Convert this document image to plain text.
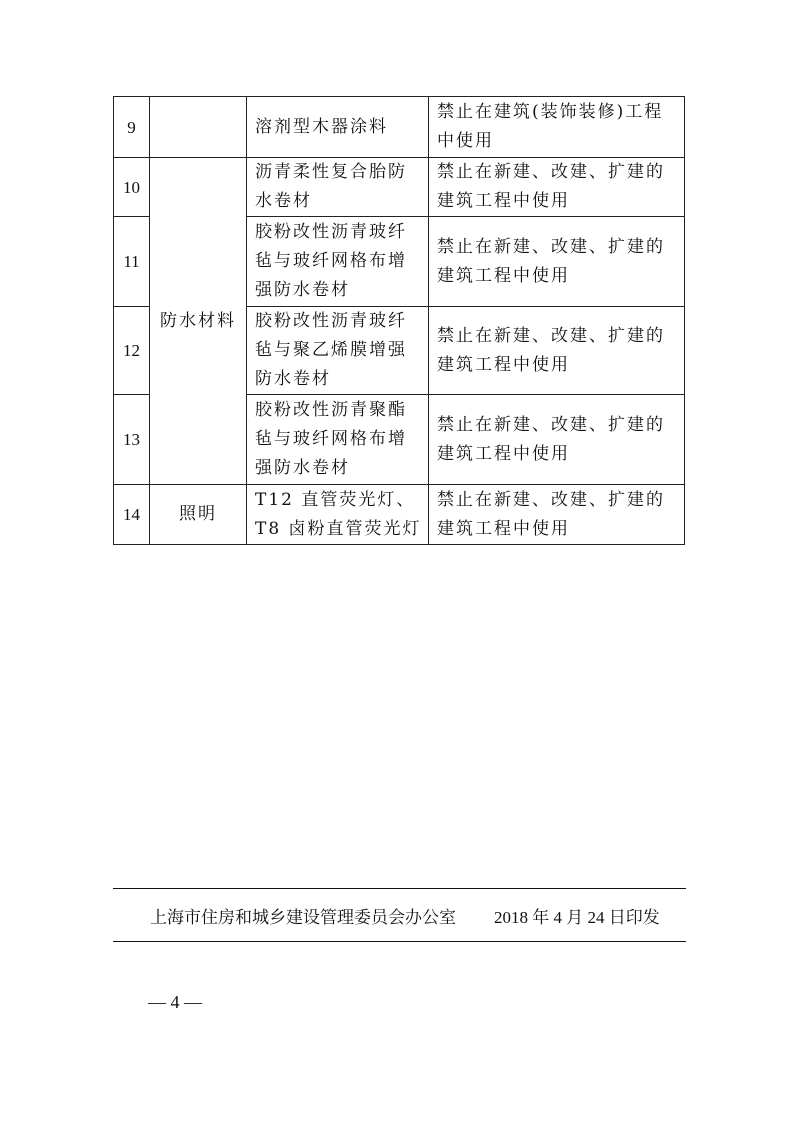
9		溶剂型木器涂料	禁止在建筑(装饰装修)工程中使用
10	防水材料	沥青柔性复合胎防水卷材	禁止在新建、改建、扩建的建筑工程中使用
11		胶粉改性沥青玻纤毡与玻纤网格布增强防水卷材	禁止在新建、改建、扩建的建筑工程中使用
12		胶粉改性沥青玻纤毡与聚乙烯膜增强防水卷材	禁止在新建、改建、扩建的建筑工程中使用
13		胶粉改性沥青聚酯毡与玻纤网格布增强防水卷材	禁止在新建、改建、扩建的建筑工程中使用
14	照明	T12 直管荧光灯、T8 卤粉直管荧光灯	禁止在新建、改建、扩建的建筑工程中使用
上海市住房和城乡建设管理委员会办公室 2018 年 4 月 24 日印发
— 4 —
